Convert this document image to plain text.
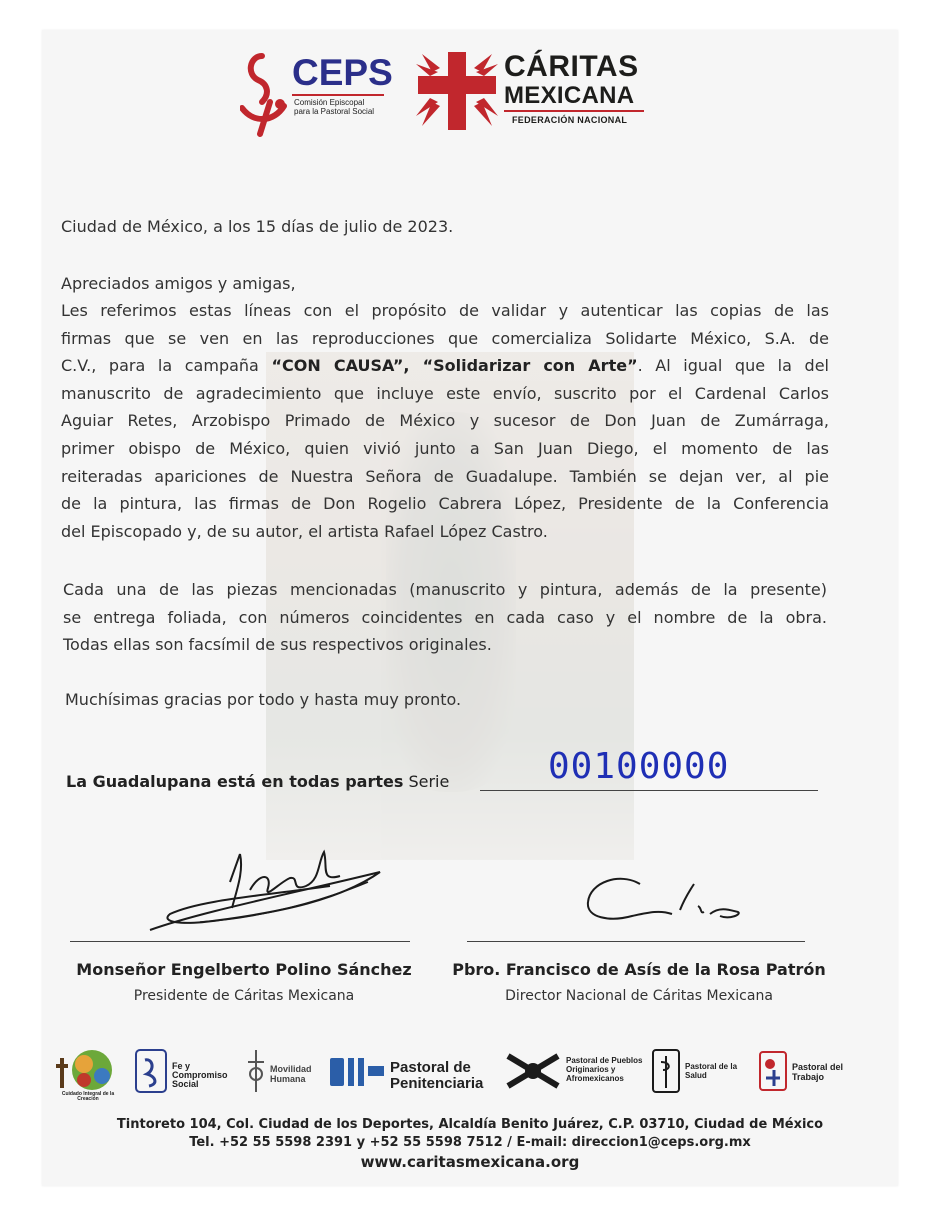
CEPS
Comisión Episcopal
para la Pastoral Social
CÁRITAS
MEXICANA
FEDERACIÓN NACIONAL
Ciudad de México, a los 15 días de julio de 2023.
Apreciados amigos y amigas,
Les referimos estas líneas con el propósito de validar y autenticar las copias de las
firmas que se ven en las reproducciones que comercializa Solidarte México, S.A. de
C.V., para la campaña “CON CAUSA”, “Solidarizar con Arte”. Al igual que la del
manuscrito de agradecimiento que incluye este envío, suscrito por el Cardenal Carlos
Aguiar Retes, Arzobispo Primado de México y sucesor de Don Juan de Zumárraga,
primer obispo de México, quien vivió junto a San Juan Diego, el momento de las
reiteradas apariciones de Nuestra Señora de Guadalupe. También se dejan ver, al pie
de la pintura, las firmas de Don Rogelio Cabrera López, Presidente de la Conferencia
del Episcopado y, de su autor, el artista Rafael López Castro.
Cada una de las piezas mencionadas (manuscrito y pintura, además de la presente)
se entrega foliada, con números coincidentes en cada caso y el nombre de la obra.
Todas ellas son facsímil de sus respectivos originales.
Muchísimas gracias por todo y hasta muy pronto.
La Guadalupana está en todas partes Serie	00100000
Monseñor Engelberto Polino Sánchez
Presidente de Cáritas Mexicana
Pbro. Francisco de Asís de la Rosa Patrón
Director Nacional de Cáritas Mexicana
Cuidado Integral de la Creación
Fe y Compromiso Social
Movilidad Humana
Pastoral de Penitenciaria
Pastoral de Pueblos Originarios y Afromexicanos
Pastoral de la Salud
Pastoral del Trabajo
Tintoreto 104, Col. Ciudad de los Deportes, Alcaldía Benito Juárez, C.P. 03710, Ciudad de México
Tel. +52 55 5598 2391 y +52 55 5598 7512 / E-mail: direccion1@ceps.org.mx
www.caritasmexicana.org
